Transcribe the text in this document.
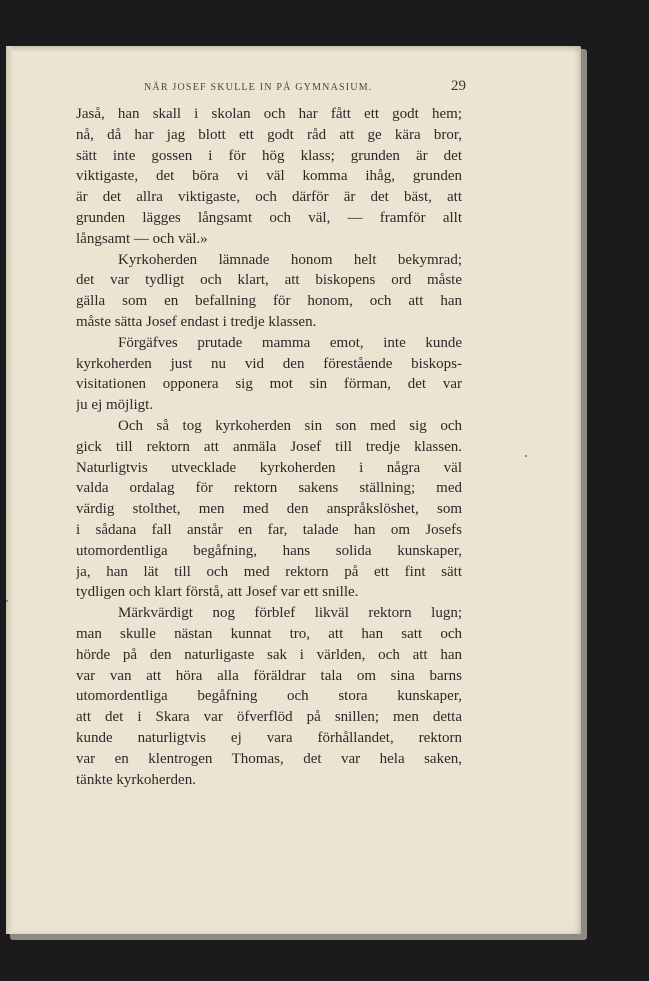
NÄR JOSEF SKULLE IN PÅ GYMNASIUM.	29
Jaså, han skall i skolan och har fått ett godt hem;
nå, då har jag blott ett godt råd att ge kära bror,
sätt inte gossen i för hög klass; grunden är det
viktigaste, det böra vi väl komma ihåg, grunden
är det allra viktigaste, och därför är det bäst, att
grunden lägges långsamt och väl, — framför allt
långsamt — och väl.»
Kyrkoherden lämnade honom helt bekymrad;
det var tydligt och klart, att biskopens ord måste
gälla som en befallning för honom, och att han
måste sätta Josef endast i tredje klassen.
Förgäfves prutade mamma emot, inte kunde
kyrkoherden just nu vid den förestående biskops-
visitationen opponera sig mot sin förman, det var
ju ej möjligt.
Och så tog kyrkoherden sin son med sig och
gick till rektorn att anmäla Josef till tredje klassen.
Naturligtvis utvecklade kyrkoherden i några väl
valda ordalag för rektorn sakens ställning; med
värdig stolthet, men med den anspråkslöshet, som
i sådana fall anstår en far, talade han om Josefs
utomordentliga begåfning, hans solida kunskaper,
ja, han lät till och med rektorn på ett fint sätt
tydligen och klart förstå, att Josef var ett snille.
Märkvärdigt nog förblef likväl rektorn lugn;
man skulle nästan kunnat tro, att han satt och
hörde på den naturligaste sak i världen, och att han
var van att höra alla föräldrar tala om sina barns
utomordentliga begåfning och stora kunskaper,
att det i Skara var öfverflöd på snillen; men detta
kunde naturligtvis ej vara förhållandet, rektorn
var en klentrogen Thomas, det var hela saken,
tänkte kyrkoherden.
